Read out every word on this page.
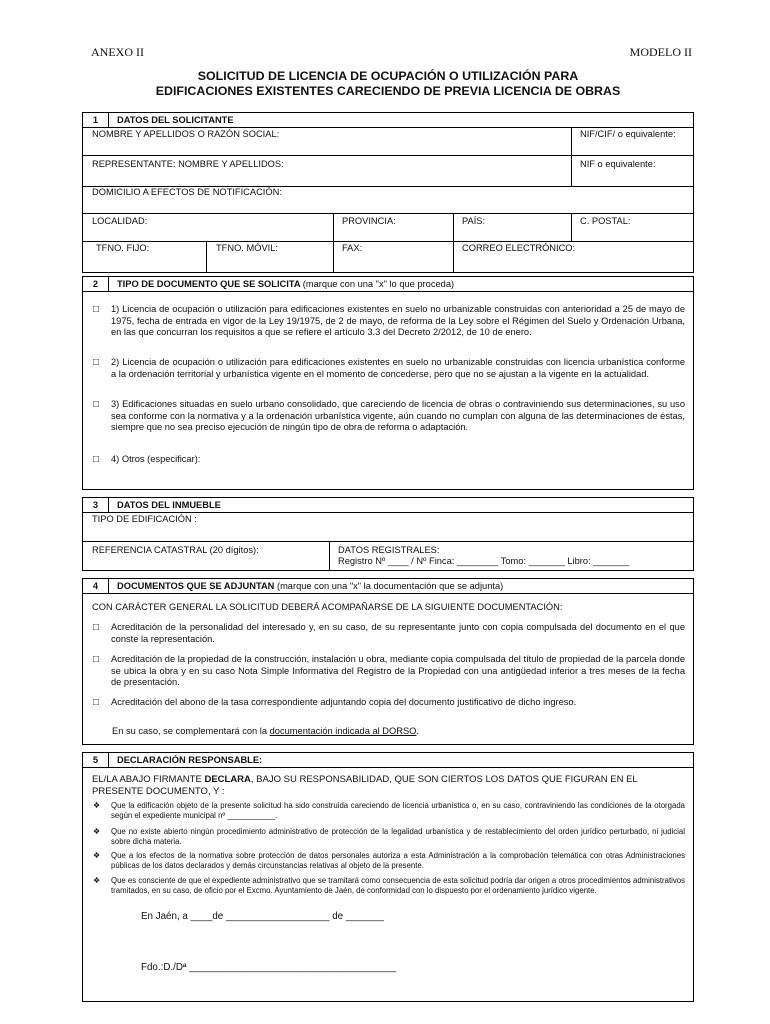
ANEXO II	MODELO II
SOLICITUD DE LICENCIA DE OCUPACIÓN O UTILIZACIÓN PARA
EDIFICACIONES EXISTENTES CARECIENDO DE PREVIA LICENCIA DE OBRAS
1	DATOS DEL SOLICITANTE
NOMBRE Y APELLIDOS O RAZÓN SOCIAL:	NIF/CIF/ o equivalente:
REPRESENTANTE: NOMBRE Y APELLIDOS:	NIF o equivalente:
DOMICILIO A EFECTOS DE NOTIFICACIÓN:
LOCALIDAD:	PROVINCIA:	PAÍS:	C. POSTAL:
TFNO. FIJO:	TFNO. MÓVIL:	FAX:	CORREO ELECTRÓNICO:
2	TIPO DE DOCUMENTO QUE SE SOLICITA (marque con una "x" lo que proceda)
□ 1) Licencia de ocupación o utilización para edificaciones existentes en suelo no urbanizable construidas con anterioridad a 25 de mayo de 1975, fecha de entrada en vigor de la Ley 19/1975, de 2 de mayo, de reforma de la Ley sobre el Régimen del Suelo y Ordenación Urbana, en las que concurran los requisitos a que se refiere el artículo 3.3 del Decreto 2/2012, de 10 de enero.
□ 2) Licencia de ocupación o utilización para edificaciones existentes en suelo no urbanizable construidas con licencia urbanística conforme a la ordenación territorial y urbanística vigente en el momento de concederse, pero que no se ajustan a la vigente en la actualidad.
□ 3) Edificaciones situadas en suelo urbano consolidado, que careciendo de licencia de obras o contraviniendo sus determinaciones, su uso sea conforme con la normativa y a la ordenación urbanística vigente, aún cuando no cumplan con alguna de las determinaciones de éstas, siempre que no sea preciso ejecución de ningún tipo de obra de reforma o adaptación.
□ 4) Otros (especificar):
3	DATOS DEL INMUEBLE
TIPO DE EDIFICACIÓN :
REFERENCIA CATASTRAL (20 dígitos):	DATOS REGISTRALES:
Registro Nº ____ / Nº Finca: ________ Tomo: _______ Libro: _______
4	DOCUMENTOS QUE SE ADJUNTAN (marque con una "x" la documentación que se adjunta)
CON CARÁCTER GENERAL LA SOLICITUD DEBERÁ ACOMPAÑARSE DE LA SIGUIENTE DOCUMENTACIÓN:
□ Acreditación de la personalidad del interesado y, en su caso, de su representante junto con copia compulsada del documento en el que conste la representación.
□ Acreditación de la propiedad de la construcción, instalación u obra, mediante copia compulsada del título de propiedad de la parcela donde se ubica la obra y en su caso Nota Simple Informativa del Registro de la Propiedad con una antigüedad inferior a tres meses de la fecha de presentación.
□ Acreditación del abono de la tasa correspondiente adjuntando copia del documento justificativo de dicho ingreso.
En su caso, se complementará con la documentación indicada al DORSO.
5	DECLARACIÓN RESPONSABLE:
EL/LA ABAJO FIRMANTE DECLARA, BAJO SU RESPONSABILIDAD, QUE SON CIERTOS LOS DATOS QUE FIGURAN EN EL PRESENTE DOCUMENTO, Y :
❖ Que la edificación objeto de la presente solicitud ha sido construida careciendo de licencia urbanística o, en su caso, contraviniendo las condiciones de la otorgada según el expediente municipal nº ___________.
❖ Que no existe abierto ningún procedimiento administrativo de protección de la legalidad urbanística y de restablecimiento del orden jurídico perturbado, ni judicial sobre dicha materia.
❖ Que a los efectos de la normativa sobre protección de datos personales autoriza a esta Administración a la comprobación telemática con otras Administraciones públicas de los datos declarados y demás circunstancias relativas al objeto de la presente.
❖ Que es consciente de que el expediente administrativo que se tramitará como consecuencia de esta solicitud podría dar origen a otros procedimientos administrativos tramitados, en su caso, de oficio por el Excmo. Ayuntamiento de Jaén, de conformidad con lo dispuesto por el ordenamiento jurídico vigente.
En Jaén, a ____de ___________________ de _______
Fdo.:D./Dª ______________________________________
